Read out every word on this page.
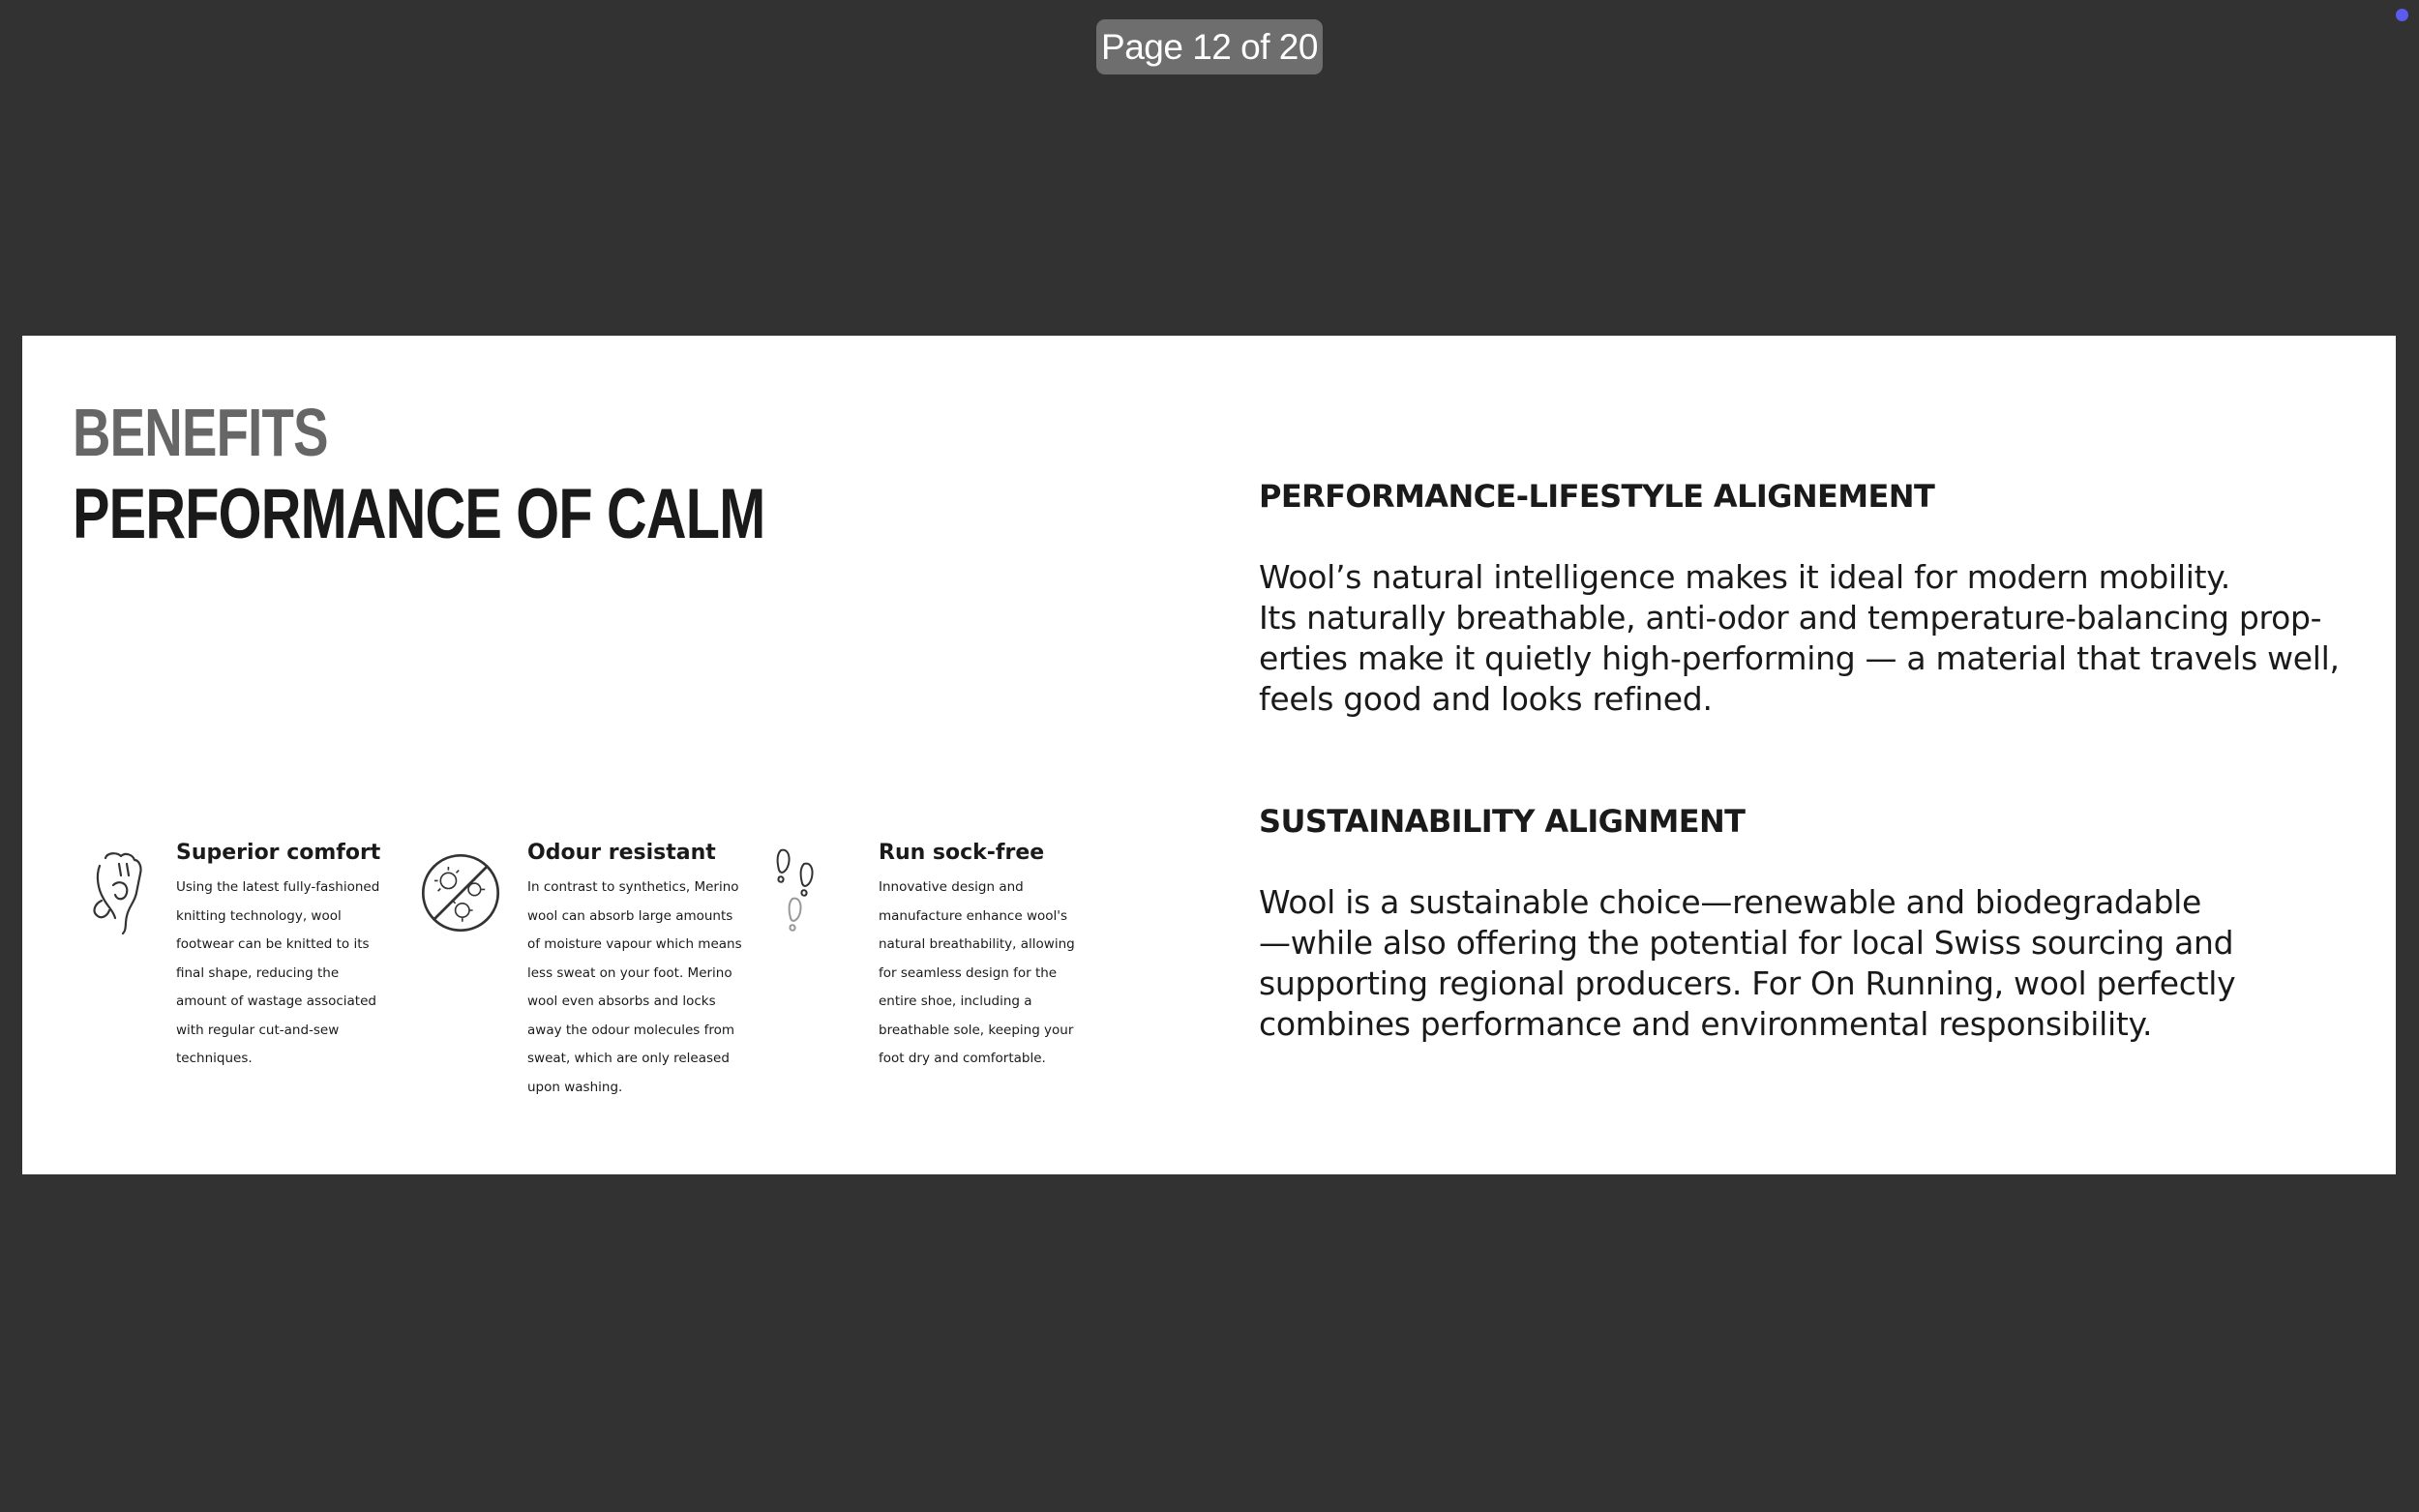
Page 12 of 20
BENEFITS
PERFORMANCE OF CALM
Superior comfort
Using the latest fully-fashioned knitting technology, wool footwear can be knitted to its final shape, reducing the amount of wastage associated with regular cut-and-sew techniques.
Odour resistant
In contrast to synthetics, Merino wool can absorb large amounts of moisture vapour which means less sweat on your foot. Merino wool even absorbs and locks away the odour molecules from sweat, which are only released upon washing.
Run sock-free
Innovative design and manufacture enhance wool's natural breathability, allowing for seamless design for the entire shoe, including a breathable sole, keeping your foot dry and comfortable.
PERFORMANCE-LIFESTYLE ALIGNEMENT
Wool’s natural intelligence makes it ideal for modern mobility.
Its naturally breathable, anti-odor and temperature-balancing prop-
erties make it quietly high-performing — a material that travels well,
feels good and looks refined.
SUSTAINABILITY ALIGNMENT
Wool is a sustainable choice—renewable and biodegradable
—while also offering the potential for local Swiss sourcing and
supporting regional producers. For On Running, wool perfectly
combines performance and environmental responsibility.
